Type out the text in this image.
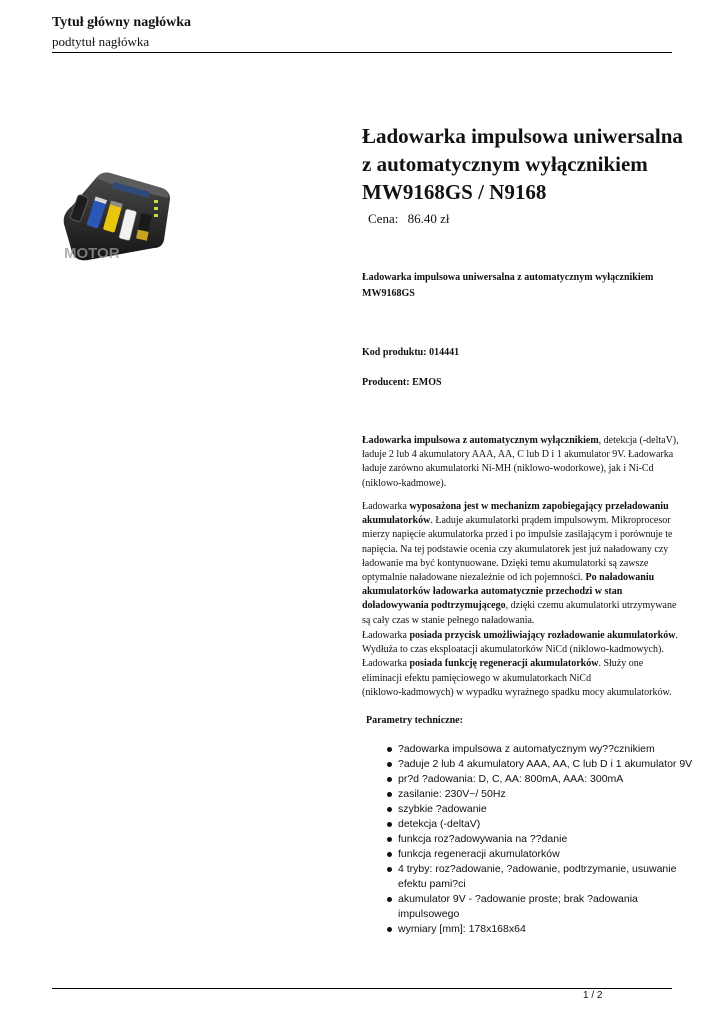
Tytuł główny nagłówka
podtytuł nagłówka
MOTOR
Ładowarka impulsowa uniwersalna
z automatycznym wyłącznikiem
MW9168GS / N9168
Cena: 86.40 zł
Ładowarka impulsowa uniwersalna z automatycznym wyłącznikiem
MW9168GS
Kod produktu: 014441
Producent: EMOS
Ładowarka impulsowa z automatycznym wyłącznikiem, detekcja (-deltaV),
ładuje 2 lub 4 akumulatory AAA, AA, C lub D i 1 akumulator 9V. Ładowarka
ładuje zarówno akumulatorki Ni-MH (niklowo-wodorkowe), jak i Ni-Cd
(niklowo-kadmowe).
Ładowarka wyposażona jest w mechanizm zapobiegający przeładowaniu
akumulatorków. Ładuje akumulatorki prądem impulsowym. Mikroprocesor
mierzy napięcie akumulatorka przed i po impulsie zasilającym i porównuje te
napięcia. Na tej podstawie ocenia czy akumulatorek jest już naładowany czy
ładowanie ma być kontynuowane. Dzięki temu akumulatorki są zawsze
optymalnie naładowane niezależnie od ich pojemności. Po naładowaniu
akumulatorków ładowarka automatycznie przechodzi w stan
doładowywania podtrzymującego, dzięki czemu akumulatorki utrzymywane
są cały czas w stanie pełnego naładowania.
Ładowarka posiada przycisk umożliwiający rozładowanie akumulatorków.
Wydłuża to czas eksploatacji akumulatorków NiCd (niklowo-kadmowych).
Ładowarka posiada funkcję regeneracji akumulatorków. Służy one
eliminacji efektu pamięciowego w akumulatorkach NiCd
(niklowo-kadmowych) w wypadku wyraźnego spadku mocy akumulatorków.
Parametry techniczne:
?adowarka impulsowa z automatycznym wy??cznikiem
?aduje 2 lub 4 akumulatory AAA, AA, C lub D i 1 akumulator 9V
pr?d ?adowania: D, C, AA: 800mA, AAA: 300mA
zasilanie: 230V~/ 50Hz
szybkie ?adowanie
detekcja (-deltaV)
funkcja roz?adowywania na ??danie
funkcja regeneracji akumulatorków
4 tryby: roz?adowanie, ?adowanie, podtrzymanie, usuwanie
efektu pami?ci
akumulator 9V - ?adowanie proste; brak ?adowania
impulsowego
wymiary [mm]: 178x168x64
1 / 2
